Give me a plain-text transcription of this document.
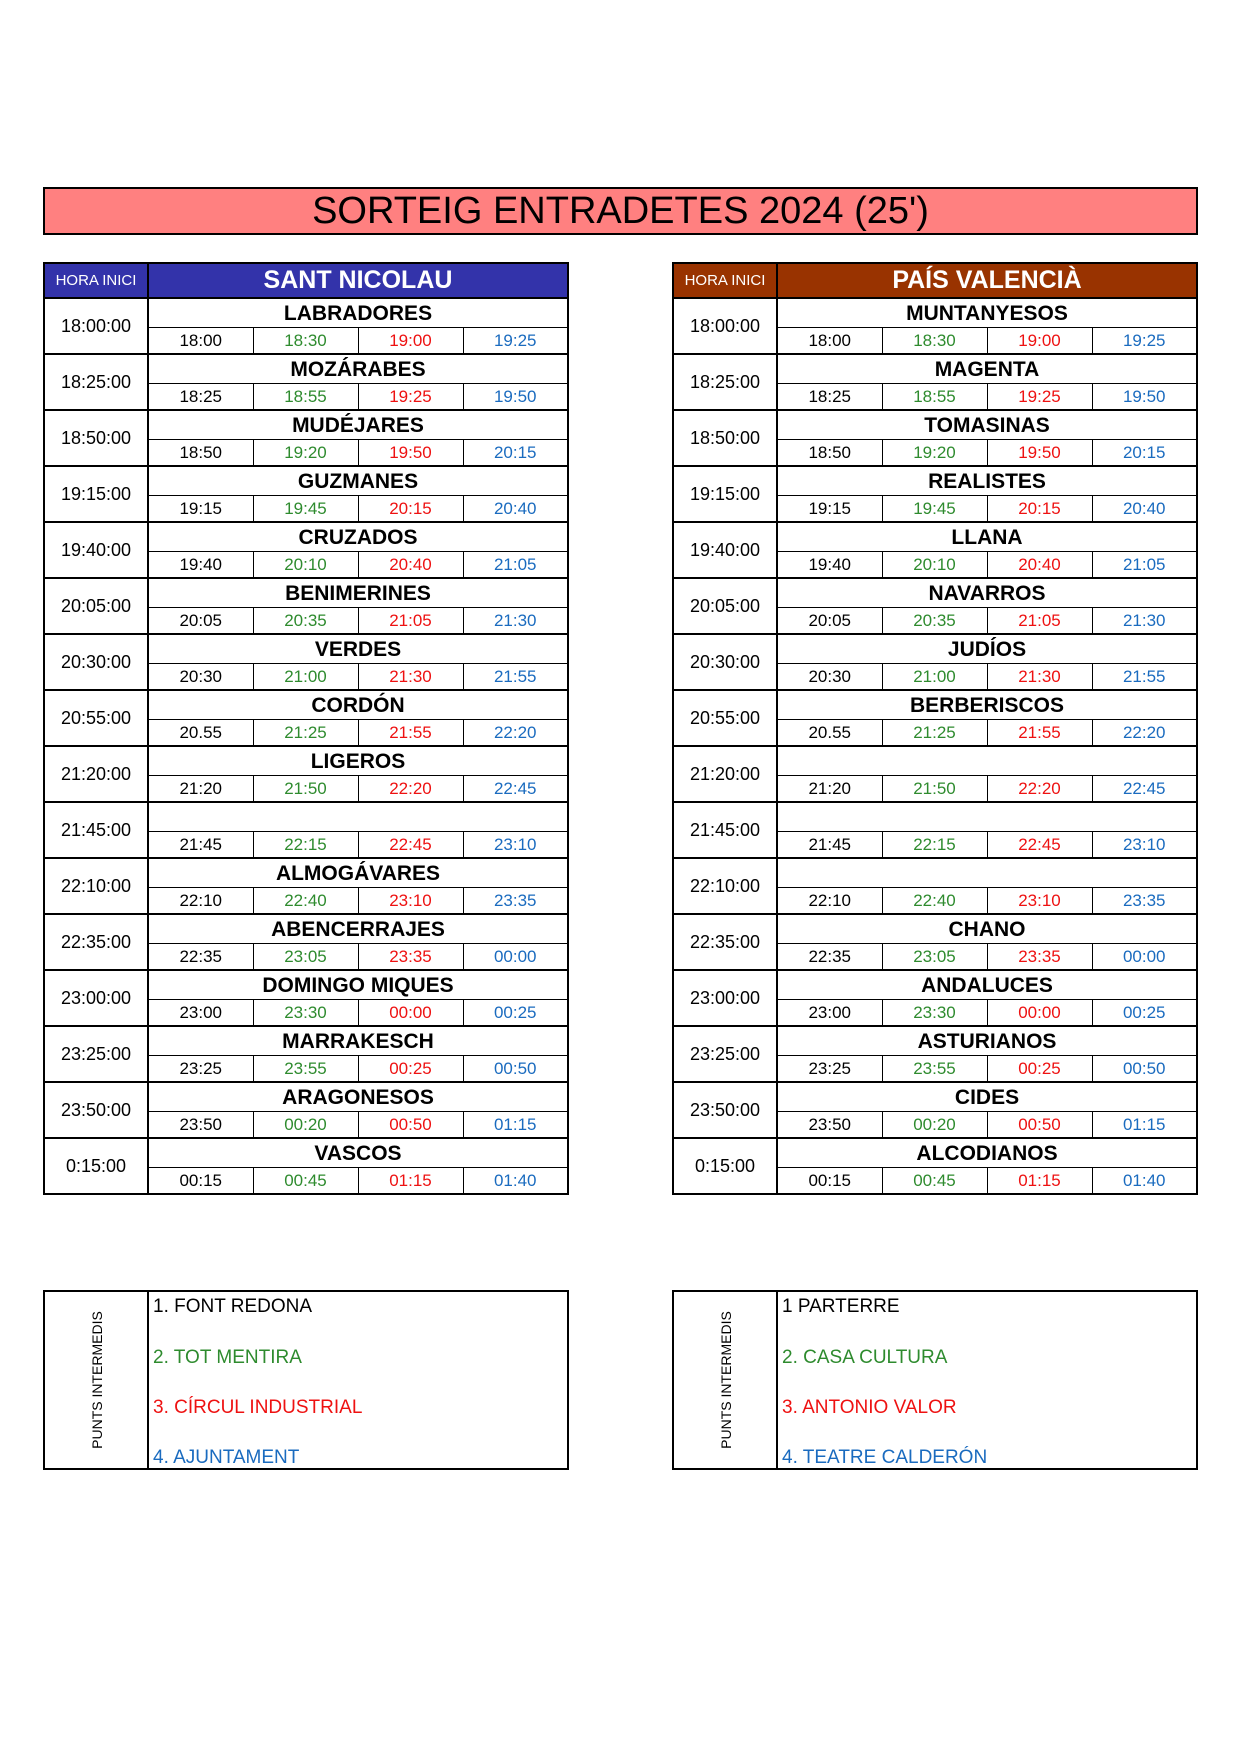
SORTEIG ENTRADETES 2024 (25')
HORA INICI	SANT NICOLAU			
18:00:00	LABRADORES			
	18:00	18:30	19:00	19:25
18:25:00	MOZÁRABES			
	18:25	18:55	19:25	19:50
18:50:00	MUDÉJARES			
	18:50	19:20	19:50	20:15
19:15:00	GUZMANES			
	19:15	19:45	20:15	20:40
19:40:00	CRUZADOS			
	19:40	20:10	20:40	21:05
20:05:00	BENIMERINES			
	20:05	20:35	21:05	21:30
20:30:00	VERDES			
	20:30	21:00	21:30	21:55
20:55:00	CORDÓN			
	20.55	21:25	21:55	22:20
21:20:00	LIGEROS			
	21:20	21:50	22:20	22:45
21:45:00				
	21:45	22:15	22:45	23:10
22:10:00	ALMOGÁVARES			
	22:10	22:40	23:10	23:35
22:35:00	ABENCERRAJES			
	22:35	23:05	23:35	00:00
23:00:00	DOMINGO MIQUES			
	23:00	23:30	00:00	00:25
23:25:00	MARRAKESCH			
	23:25	23:55	00:25	00:50
23:50:00	ARAGONESOS			
	23:50	00:20	00:50	01:15
0:15:00	VASCOS			
	00:15	00:45	01:15	01:40
HORA INICI	PAÍS VALENCIÀ			
18:00:00	MUNTANYESOS			
	18:00	18:30	19:00	19:25
18:25:00	MAGENTA			
	18:25	18:55	19:25	19:50
18:50:00	TOMASINAS			
	18:50	19:20	19:50	20:15
19:15:00	REALISTES			
	19:15	19:45	20:15	20:40
19:40:00	LLANA			
	19:40	20:10	20:40	21:05
20:05:00	NAVARROS			
	20:05	20:35	21:05	21:30
20:30:00	JUDÍOS			
	20:30	21:00	21:30	21:55
20:55:00	BERBERISCOS			
	20.55	21:25	21:55	22:20
21:20:00				
	21:20	21:50	22:20	22:45
21:45:00				
	21:45	22:15	22:45	23:10
22:10:00				
	22:10	22:40	23:10	23:35
22:35:00	CHANO			
	22:35	23:05	23:35	00:00
23:00:00	ANDALUCES			
	23:00	23:30	00:00	00:25
23:25:00	ASTURIANOS			
	23:25	23:55	00:25	00:50
23:50:00	CIDES			
	23:50	00:20	00:50	01:15
0:15:00	ALCODIANOS			
	00:15	00:45	01:15	01:40
PUNTS INTERMEDIS
1. FONT REDONA
2. TOT MENTIRA
3. CÍRCUL INDUSTRIAL
4. AJUNTAMENT
PUNTS INTERMEDIS
1 PARTERRE
2. CASA CULTURA
3. ANTONIO VALOR
4. TEATRE CALDERÓN
